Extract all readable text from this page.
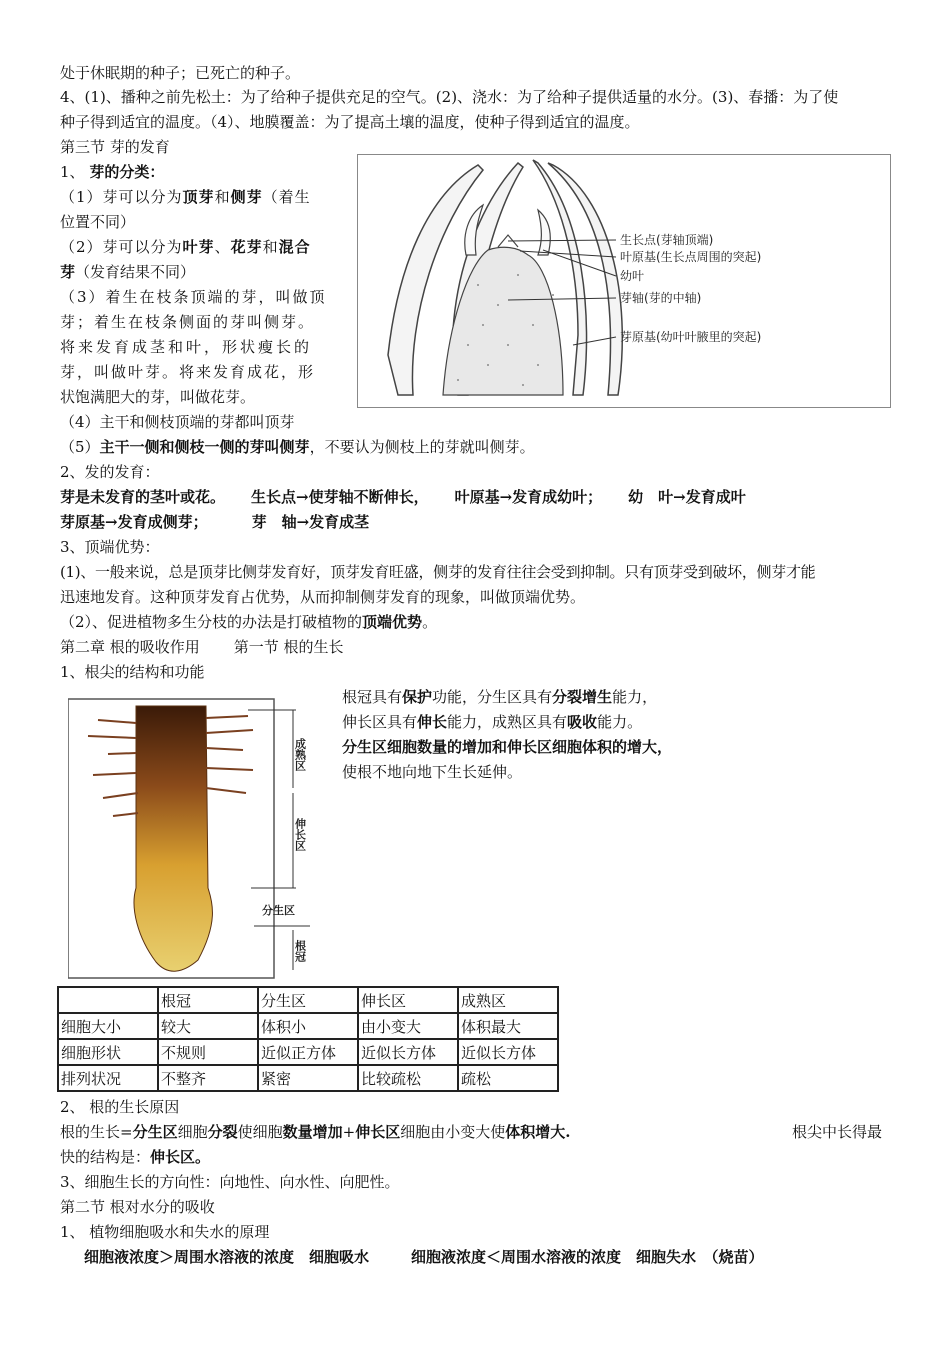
处于休眠期的种子；已死亡的种子。
4、(1)、播种之前先松土：为了给种子提供充足的空气。(2)、浇水：为了给种子提供适量的水分。(3)、春播：为了使
种子得到适宜的温度。（4）、地膜覆盖：为了提高土壤的温度，使种子得到适宜的温度。
第三节 芽的发育
1、 芽的分类：
（1）芽可以分为顶芽和侧芽（着生
位置不同）
（2）芽可以分为叶芽、花芽和混合
芽（发育结果不同）
（3）着生在枝条顶端的芽，叫做顶
芽；着生在枝条侧面的芽叫侧芽。
将来发育成茎和叶，形状瘦长的
芽，叫做叶芽。将来发育成花，形
状饱满肥大的芽，叫做花芽。
（4）主干和侧枝顶端的芽都叫顶芽
（5）主干一侧和侧枝一侧的芽叫侧芽，不要认为侧枝上的芽就叫侧芽。
生长点(芽轴顶端)
叶原基(生长点周围的突起)
幼叶
芽轴(芽的中轴)
芽原基(幼叶叶腋里的突起)
2、发的发育：
芽是未发育的茎叶或花。 生长点→使芽轴不断伸长， 叶原基→发育成幼叶； 幼　叶→发育成叶
芽原基→发育成侧芽；	芽　轴→发育成茎
3、顶端优势：
(1)、一般来说，总是顶芽比侧芽发育好，顶芽发育旺盛，侧芽的发育往往会受到抑制。只有顶芽受到破坏，侧芽才能
迅速地发育。这种顶芽发育占优势，从而抑制侧芽发育的现象，叫做顶端优势。
（2）、促进植物多生分枝的办法是打破植物的顶端优势。
第二章 根的吸收作用 第一节 根的生长
1、根尖的结构和功能
成熟区
伸长区
分生区
根冠
根冠具有保护功能，分生区具有分裂增生能力，
伸长区具有伸长能力，成熟区具有吸收能力。
分生区细胞数量的增加和伸长区细胞体积的增大，
使根不地向地下生长延伸。
	根冠	分生区	伸长区	成熟区
细胞大小	较大	体积小	由小变大	体积最大
细胞形状	不规则	近似正方体	近似长方体	近似长方体
排列状况	不整齐	紧密	比较疏松	疏松
2、 根的生长原因
根的生长=分生区细胞分裂使细胞数量增加+伸长区细胞由小变大使体积增大.	根尖中长得最
快的结构是：伸长区。
3、细胞生长的方向性：向地性、向水性、向肥性。
第二节 根对水分的吸收
1、 植物细胞吸水和失水的原理
细胞液浓度＞周围水溶液的浓度　细胞吸水	细胞液浓度＜周围水溶液的浓度　细胞失水　（烧苗）
